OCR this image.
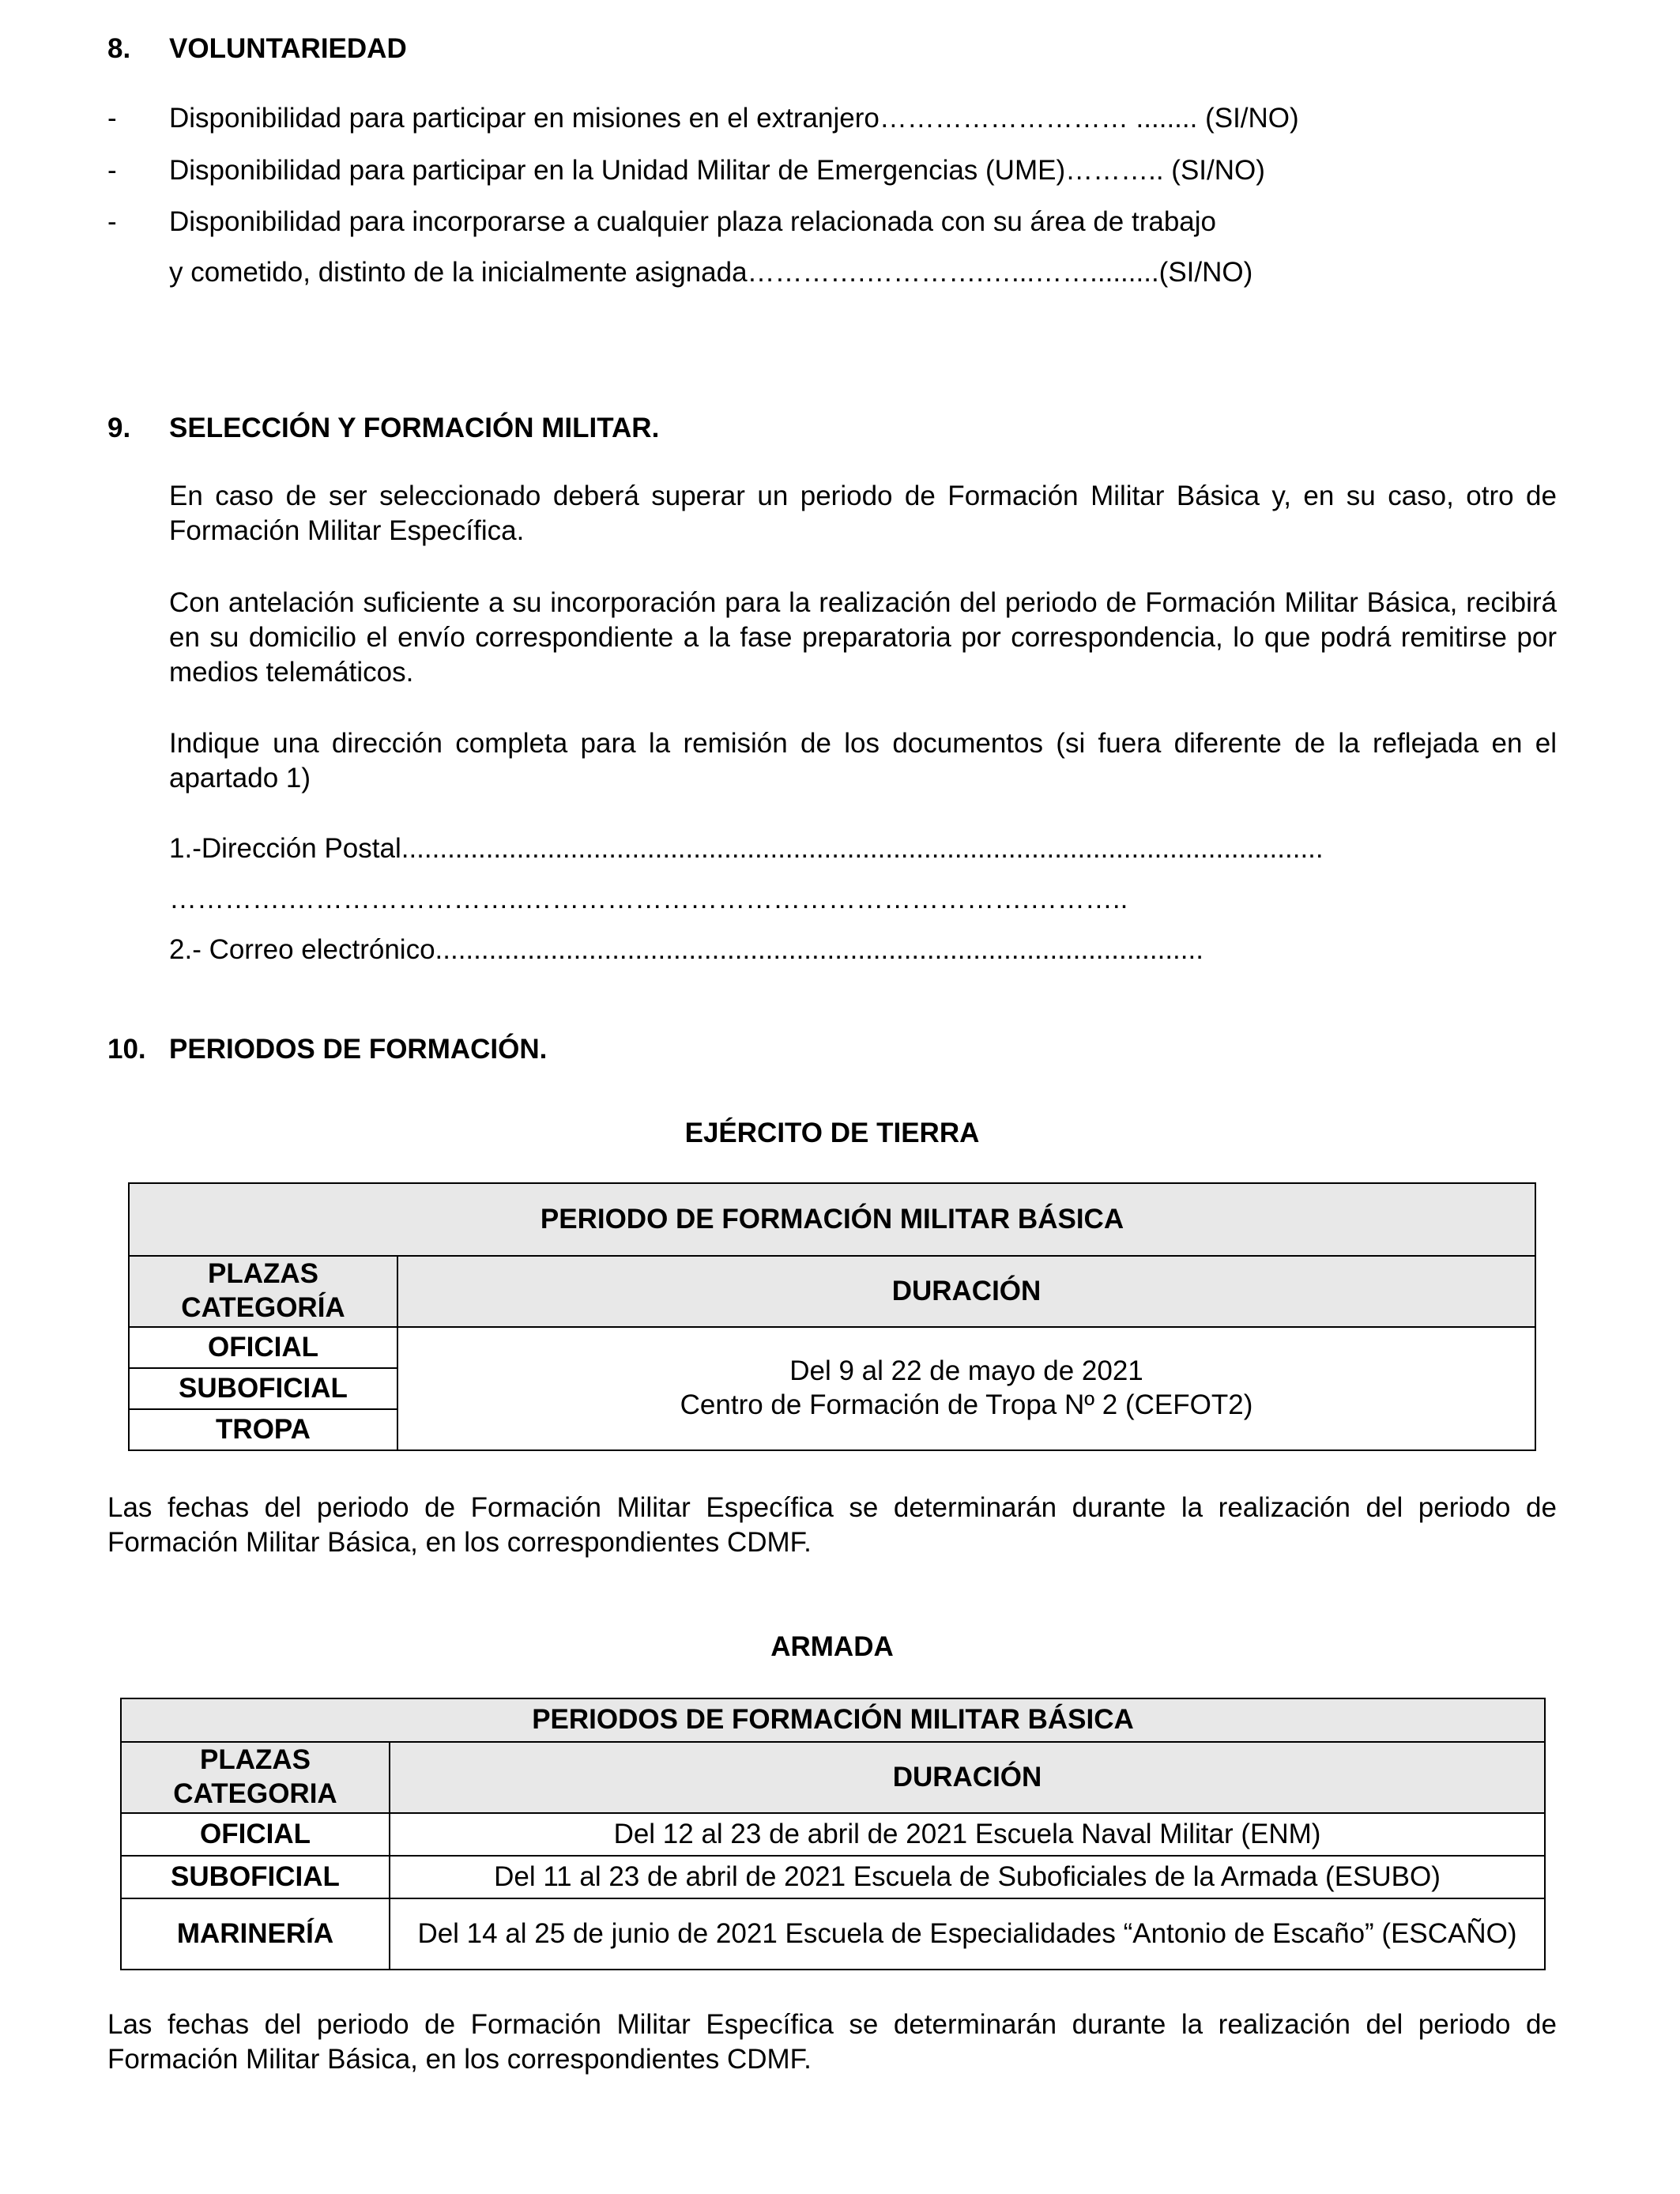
8. VOLUNTARIEDAD
- Disponibilidad para participar en misiones en el extranjero……………………… ........ (SI/NO)
- Disponibilidad para participar en la Unidad Militar de Emergencias (UME)……….. (SI/NO)
- Disponibilidad para incorporarse a cualquier plaza relacionada con su área de trabajo
y cometido, distinto de la inicialmente asignada………….………….…...…….........(SI/NO)
9. SELECCIÓN Y FORMACIÓN MILITAR.
En caso de ser seleccionado deberá superar un periodo de Formación Militar Básica y, en su caso, otro de Formación Militar Específica.
Con antelación suficiente a su incorporación para la realización del periodo de Formación Militar Básica, recibirá en su domicilio el envío correspondiente a la fase preparatoria por correspondencia, lo que podrá remitirse por medios telemáticos.
Indique una dirección completa para la remisión de los documentos (si fuera diferente de la reflejada en el apartado 1)
1.-Dirección Postal........................................................................................................................
………….……………………..……………………………………………….………..
2.- Correo electrónico....................................................................................................
10. PERIODOS DE FORMACIÓN.
EJÉRCITO DE TIERRA
PERIODO DE FORMACIÓN MILITAR BÁSICA	
PLAZAS CATEGORÍA	DURACIÓN
OFICIAL	Del 9 al 22 de mayo de 2021
Centro de Formación de Tropa Nº 2 (CEFOT2)

SUBOFICIAL	
TROPA	
Las fechas del periodo de Formación Militar Específica se determinarán durante la realización del periodo de Formación Militar Básica, en los correspondientes CDMF.
ARMADA
PERIODOS DE FORMACIÓN MILITAR BÁSICA	
PLAZAS CATEGORIA	DURACIÓN
OFICIAL	Del 12 al 23 de abril de 2021 Escuela Naval Militar (ENM)
SUBOFICIAL	Del 11 al 23 de abril de 2021 Escuela de Suboficiales de la Armada (ESUBO)
MARINERÍA	Del 14 al 25 de junio de 2021 Escuela de Especialidades “Antonio de Escaño” (ESCAÑO)
Las fechas del periodo de Formación Militar Específica se determinarán durante la realización del periodo de Formación Militar Básica, en los correspondientes CDMF.
